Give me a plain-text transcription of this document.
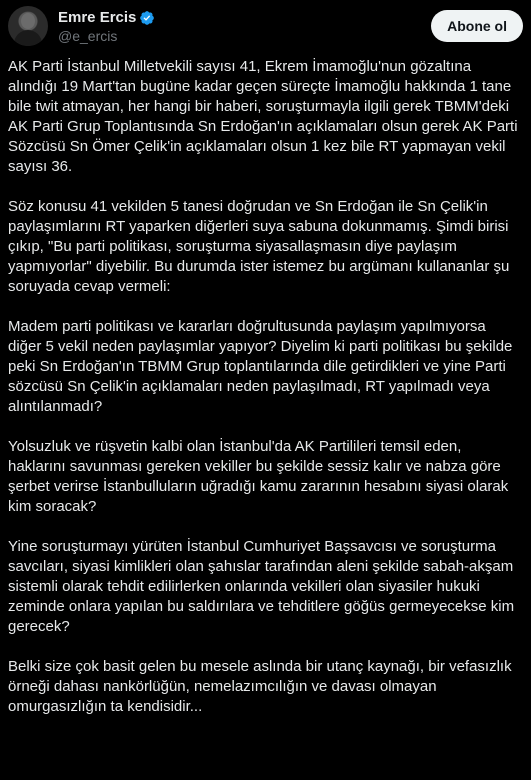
Emre Ercis
@e_ercis
Abone ol

AK Parti İstanbul Milletvekili sayısı 41, Ekrem İmamoğlu'nun gözaltına alındığı 19 Mart'tan bugüne kadar geçen süreçte İmamoğlu hakkında 1 tane bile twit atmayan, her hangi bir haberi, soruşturmayla ilgili gerek TBMM'deki AK Parti Grup Toplantısında Sn Erdoğan'ın açıklamaları olsun gerek AK Parti Sözcüsü Sn Ömer Çelik'in açıklamaları olsun 1 kez bile RT yapmayan vekil sayısı 36.

Söz konusu 41 vekilden 5 tanesi doğrudan ve Sn Erdoğan ile Sn Çelik'in paylaşımlarını RT yaparken diğerleri suya sabuna dokunmamış. Şimdi birisi çıkıp, "Bu parti politikası, soruşturma siyasallaşmasın diye paylaşım yapmıyorlar" diyebilir. Bu durumda ister istemez bu argümanı kullananlar şu soruyada cevap vermeli:

Madem parti politikası ve kararları doğrultusunda paylaşım yapılmıyorsa diğer 5 vekil neden paylaşımlar yapıyor? Diyelim ki parti politikası bu şekilde peki Sn Erdoğan'ın TBMM Grup toplantılarında dile getirdikleri ve yine Parti sözcüsü Sn Çelik'in açıklamaları neden paylaşılmadı, RT yapılmadı veya alıntılanmadı?

Yolsuzluk ve rüşvetin kalbi olan İstanbul'da AK Partilileri temsil eden, haklarını savunması gereken vekiller bu şekilde sessiz kalır ve nabza göre şerbet verirse İstanbulluların uğradığı kamu zararının hesabını siyasi olarak kim soracak?

Yine soruşturmayı yürüten İstanbul Cumhuriyet Başsavcısı ve soruşturma savcıları, siyasi kimlikleri olan şahıslar tarafından aleni şekilde sabah-akşam sistemli olarak tehdit edilirlerken onlarında vekilleri olan siyasiler hukuki zeminde onlara yapılan bu saldırılara ve tehditlere göğüs germeyecekse kim gerecek?

Belki size çok basit gelen bu mesele aslında bir utanç kaynağı, bir vefasızlık örneği dahası nankörlüğün, nemelazımcılığın ve davası olmayan omurgasızlığın ta kendisidir...
